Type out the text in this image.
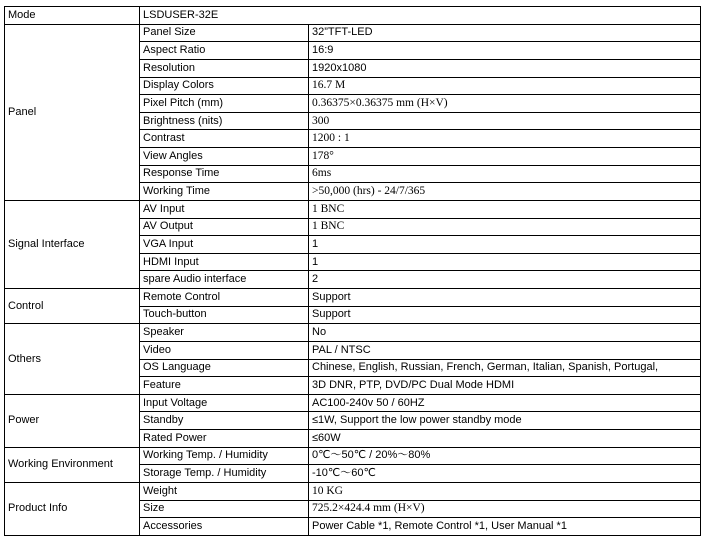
Mode	LSDUSER-32E	
Panel	Panel Size	32”TFT-LED
	Aspect Ratio	16:9
	Resolution	1920x1080
	Display Colors	16.7 M
	Pixel Pitch (mm)	0.36375×0.36375 mm (H×V)
	Brightness (nits)	300
	Contrast	1200 : 1
	View Angles	178°
	Response Time	6ms
	Working Time	>50,000 (hrs) - 24/7/365
Signal Interface	AV Input	1 BNC
	AV Output	1 BNC
	VGA Input	1
	HDMI Input	1
	spare Audio interface	2
Control	Remote Control	Support
	Touch-button	Support
Others	Speaker	No
	Video	PAL / NTSC
	OS Language	Chinese, English, Russian, French, German, Italian, Spanish, Portugal,
	Feature	3D DNR, PTP, DVD/PC Dual Mode HDMI
Power	Input Voltage	AC100-240v 50 / 60HZ
	Standby	≤1W, Support the low power standby mode
	Rated Power	≤60W
Working Environment	Working Temp. / Humidity	0℃～50℃ / 20%～80%
	Storage Temp. / Humidity	-10℃～60℃
Product Info	Weight	10 KG
	Size	725.2×424.4 mm (H×V)
	Accessories	Power Cable *1, Remote Control *1, User Manual *1
